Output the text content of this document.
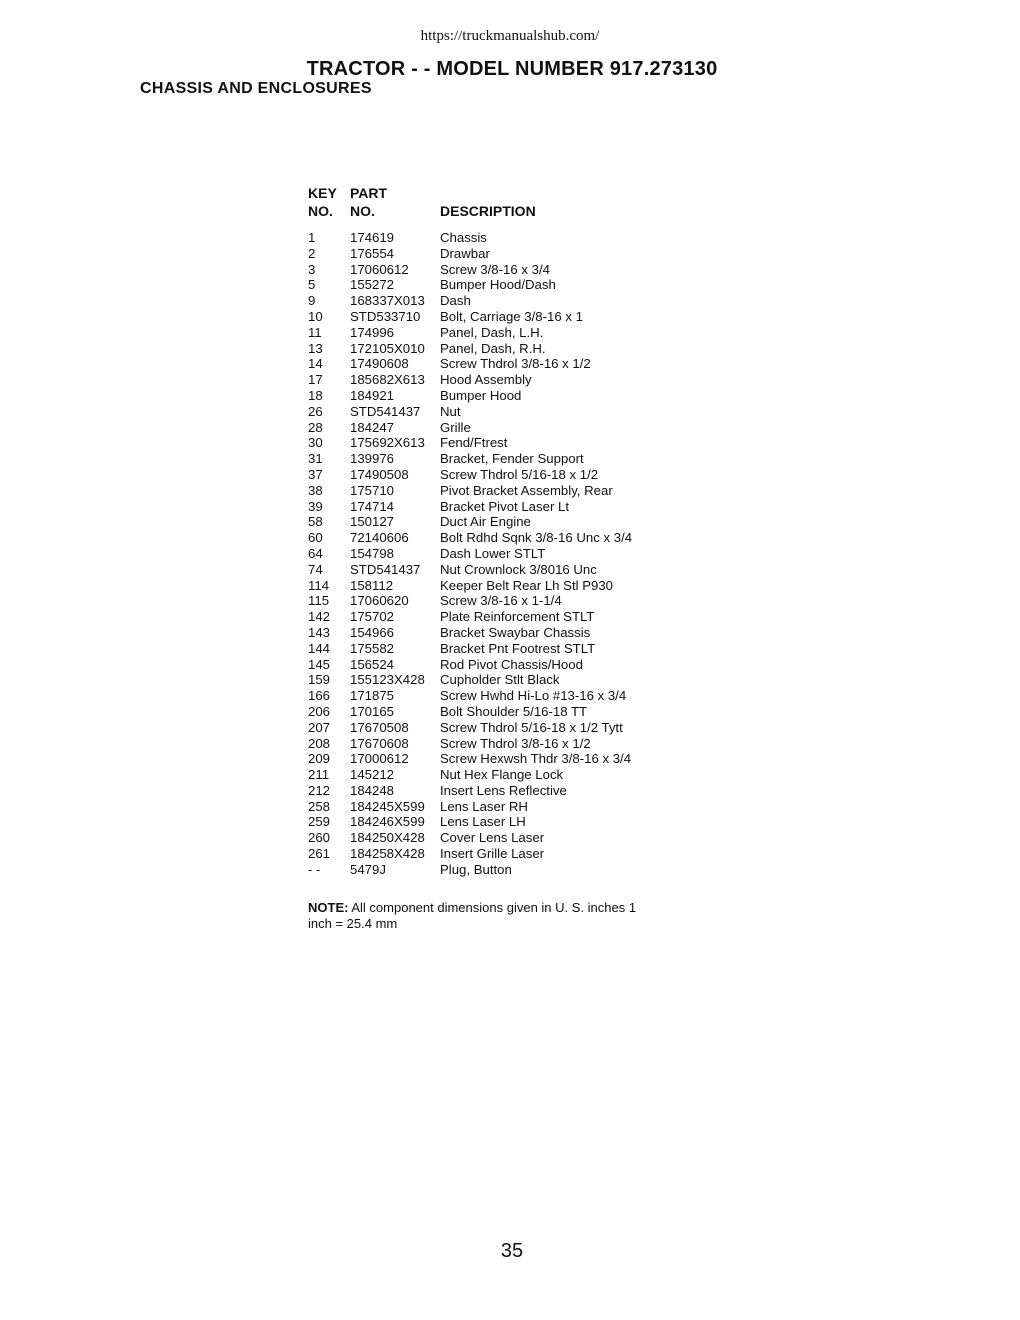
https://truckmanualshub.com/
TRACTOR - - MODEL NUMBER 917.273130
CHASSIS AND ENCLOSURES
KEY PART
NO.	NO.	DESCRIPTION
1	174619	Chassis
2	176554	Drawbar
3	17060612	Screw 3/8-16 x 3/4
5	155272	Bumper Hood/Dash
9	168337X013	Dash
10	STD533710	Bolt, Carriage 3/8-16 x 1
11	174996	Panel, Dash, L.H.
13	172105X010	Panel, Dash, R.H.
14	17490608	Screw Thdrol 3/8-16 x 1/2
17	185682X613	Hood Assembly
18	184921	Bumper Hood
26	STD541437	Nut
28	184247	Grille
30	175692X613	Fend/Ftrest
31	139976	Bracket, Fender Support
37	17490508	Screw Thdrol 5/16-18 x 1/2
38	175710	Pivot Bracket Assembly, Rear
39	174714	Bracket Pivot Laser Lt
58	150127	Duct Air Engine
60	72140606	Bolt Rdhd Sqnk 3/8-16 Unc x 3/4
64	154798	Dash Lower STLT
74	STD541437	Nut Crownlock 3/8016 Unc
114	158112	Keeper Belt Rear Lh Stl P930
115	17060620	Screw 3/8-16 x 1-1/4
142	175702	Plate Reinforcement STLT
143	154966	Bracket Swaybar Chassis
144	175582	Bracket Pnt Footrest STLT
145	156524	Rod Pivot Chassis/Hood
159	155123X428	Cupholder Stlt Black
166	171875	Screw Hwhd Hi-Lo #13-16 x 3/4
206	170165	Bolt Shoulder 5/16-18 TT
207	17670508	Screw Thdrol 5/16-18 x 1/2 Tytt
208	17670608	Screw Thdrol 3/8-16 x 1/2
209	17000612	Screw Hexwsh Thdr 3/8-16 x 3/4
211	145212	Nut Hex Flange Lock
212	184248	Insert Lens Reflective
258	184245X599	Lens Laser RH
259	184246X599	Lens Laser LH
260	184250X428	Cover Lens Laser
261	184258X428	Insert Grille Laser
- -	5479J	Plug, Button
NOTE: All component dimensions given in U. S. inches 1 inch = 25.4 mm
35
